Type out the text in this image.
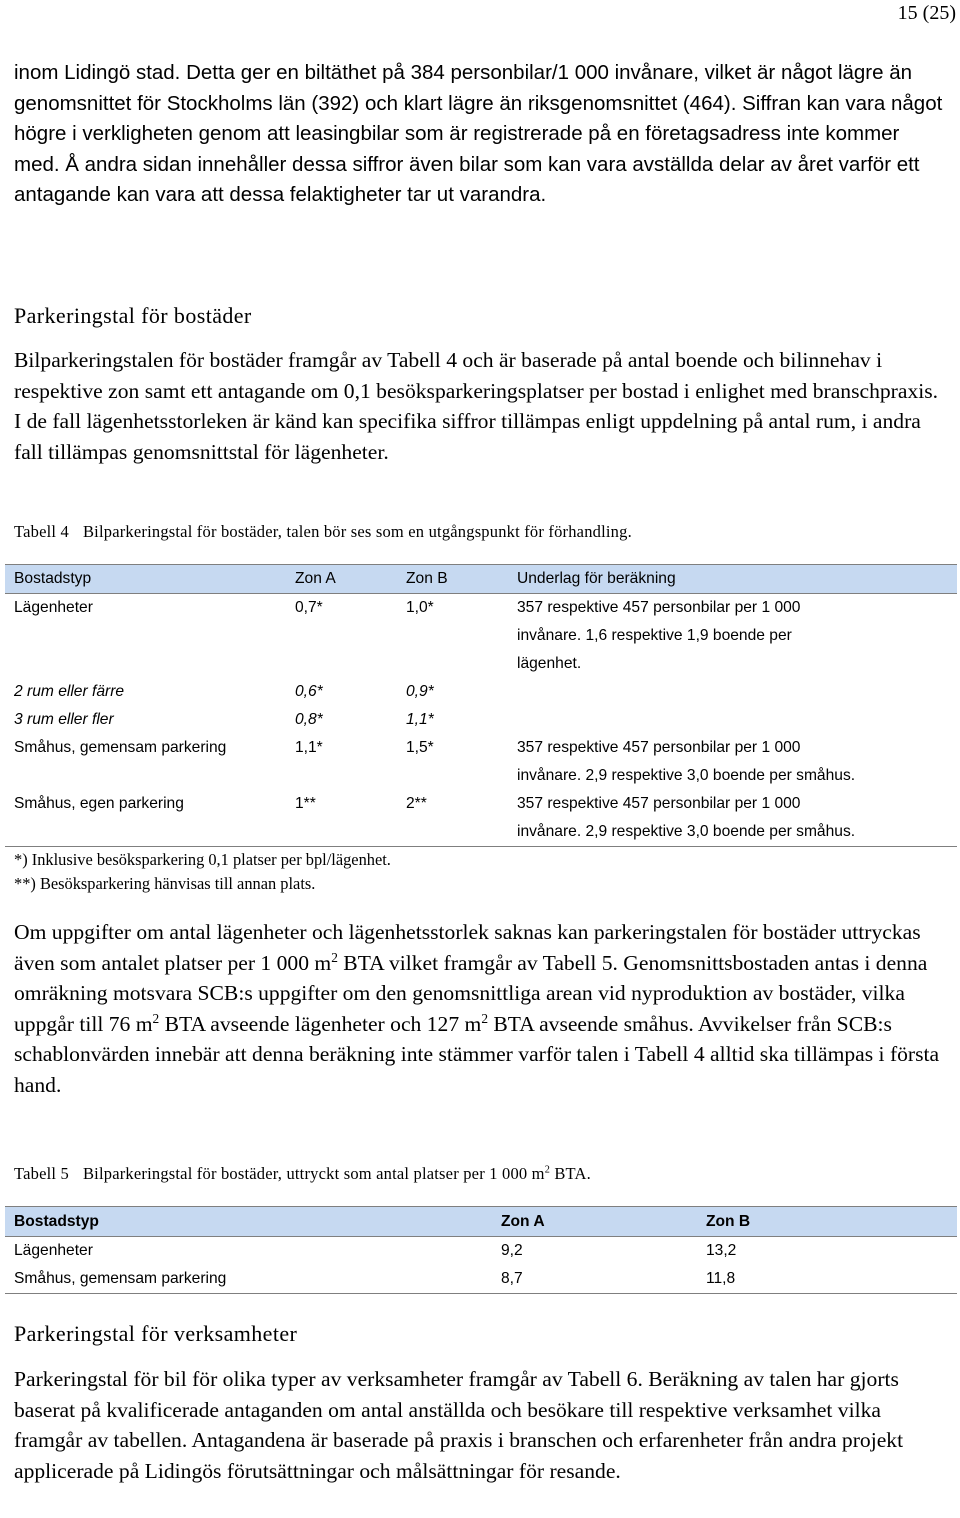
15 (25)

inom Lidingö stad. Detta ger en biltäthet på 384 personbilar/1 000 invånare, vilket är något lägre än genomsnittet för Stockholms län (392) och klart lägre än riksgenomsnittet (464). Siffran kan vara något högre i verkligheten genom att leasingbilar som är registrerade på en företagsadress inte kommer med. Å andra sidan innehåller dessa siffror även bilar som kan vara avställda delar av året varför ett antagande kan vara att dessa felaktigheter tar ut varandra.

Parkeringstal för bostäder

Bilparkeringstalen för bostäder framgår av Tabell 4 och är baserade på antal boende och bilinnehav i respektive zon samt ett antagande om 0,1 besöksparkeringsplatser per bostad i enlighet med branschpraxis. I de fall lägenhetsstorleken är känd kan specifika siffror tillämpas enligt uppdelning på antal rum, i andra fall tillämpas genomsnittstal för lägenheter.

Tabell 4 Bilparkeringstal för bostäder, talen bör ses som en utgångspunkt för förhandling.

Bostadstyp	Zon A	Zon B	Underlag för beräkning
Lägenheter	0,7*	1,0*	357 respektive 457 personbilar per 1 000
invånare. 1,6 respektive 1,9 boende per
lägenhet.

2 rum eller färre	0,6*	0,9*	
3 rum eller fler	0,8*	1,1*	
Småhus, gemensam parkering	1,1*	1,5*	357 respektive 457 personbilar per 1 000
invånare. 2,9 respektive 3,0 boende per småhus.

Småhus, egen parkering	1**	2**	357 respektive 457 personbilar per 1 000
invånare. 2,9 respektive 3,0 boende per småhus.
*) Inklusive besöksparkering 0,1 platser per bpl/lägenhet.
**) Besöksparkering hänvisas till annan plats.

Om uppgifter om antal lägenheter och lägenhetsstorlek saknas kan parkeringstalen för bostäder uttryckas även som antalet platser per 1 000 $m^2$ BTA vilket framgår av Tabell 5. Genomsnittsbostaden antas i denna omräkning motsvara SCB:s uppgifter om den genomsnittliga arean vid nyproduktion av bostäder, vilka uppgår till 76 $m^2$ BTA avseende lägenheter och 127 $m^2$ BTA avseende småhus. Avvikelser från SCB:s schablonvärden innebär att denna beräkning inte stämmer varför talen i Tabell 4 alltid ska tillämpas i första hand.

Tabell 5 Bilparkeringstal för bostäder, uttryckt som antal platser per 1 000 $m^2$ BTA.

Bostadstyp	Zon A	Zon B
Lägenheter	9,2	13,2
Småhus, gemensam parkering	8,7	11,8
Parkeringstal för verksamheter

Parkeringstal för bil för olika typer av verksamheter framgår av Tabell 6. Beräkning av talen har gjorts baserat på kvalificerade antaganden om antal anställda och besökare till respektive verksamhet vilka framgår av tabellen. Antagandena är baserade på praxis i branschen och erfarenheter från andra projekt applicerade på Lidingös förutsättningar och målsättningar för resande.
